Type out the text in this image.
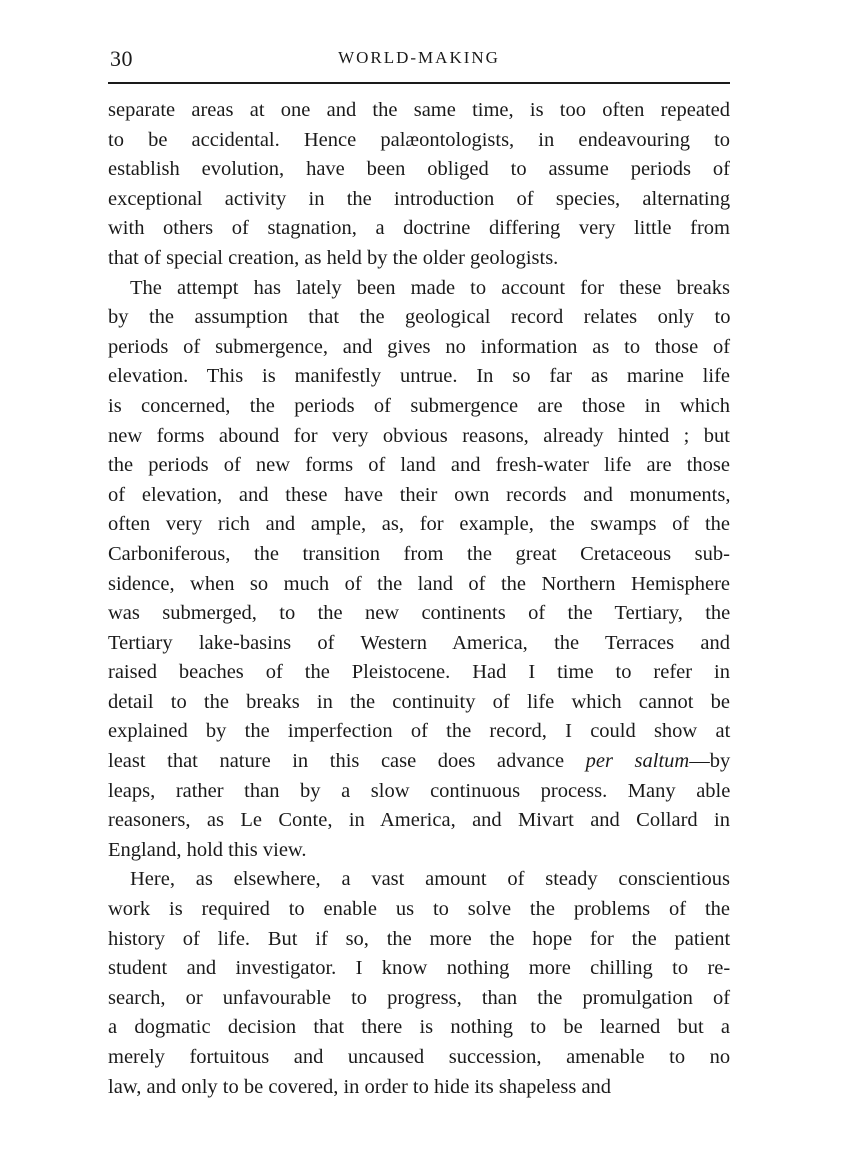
30	WORLD-MAKING

separate areas at one and the same time, is too often repeated
to be accidental. Hence palæontologists, in endeavouring to
establish evolution, have been obliged to assume periods of
exceptional activity in the introduction of species, alternating
with others of stagnation, a doctrine differing very little from
that of special creation, as held by the older geologists.

The attempt has lately been made to account for these breaks
by the assumption that the geological record relates only to
periods of submergence, and gives no information as to those of
elevation. This is manifestly untrue. In so far as marine life
is concerned, the periods of submergence are those in which
new forms abound for very obvious reasons, already hinted ; but
the periods of new forms of land and fresh-water life are those
of elevation, and these have their own records and monuments,
often very rich and ample, as, for example, the swamps of the
Carboniferous, the transition from the great Cretaceous sub-
sidence, when so much of the land of the Northern Hemisphere
was submerged, to the new continents of the Tertiary, the
Tertiary lake-basins of Western America, the Terraces and
raised beaches of the Pleistocene. Had I time to refer in
detail to the breaks in the continuity of life which cannot be
explained by the imperfection of the record, I could show at
least that nature in this case does advance per saltum—by
leaps, rather than by a slow continuous process. Many able
reasoners, as Le Conte, in America, and Mivart and Collard in
England, hold this view.

Here, as elsewhere, a vast amount of steady conscientious
work is required to enable us to solve the problems of the
history of life. But if so, the more the hope for the patient
student and investigator. I know nothing more chilling to re-
search, or unfavourable to progress, than the promulgation of
a dogmatic decision that there is nothing to be learned but a
merely fortuitous and uncaused succession, amenable to no
law, and only to be covered, in order to hide its shapeless and
